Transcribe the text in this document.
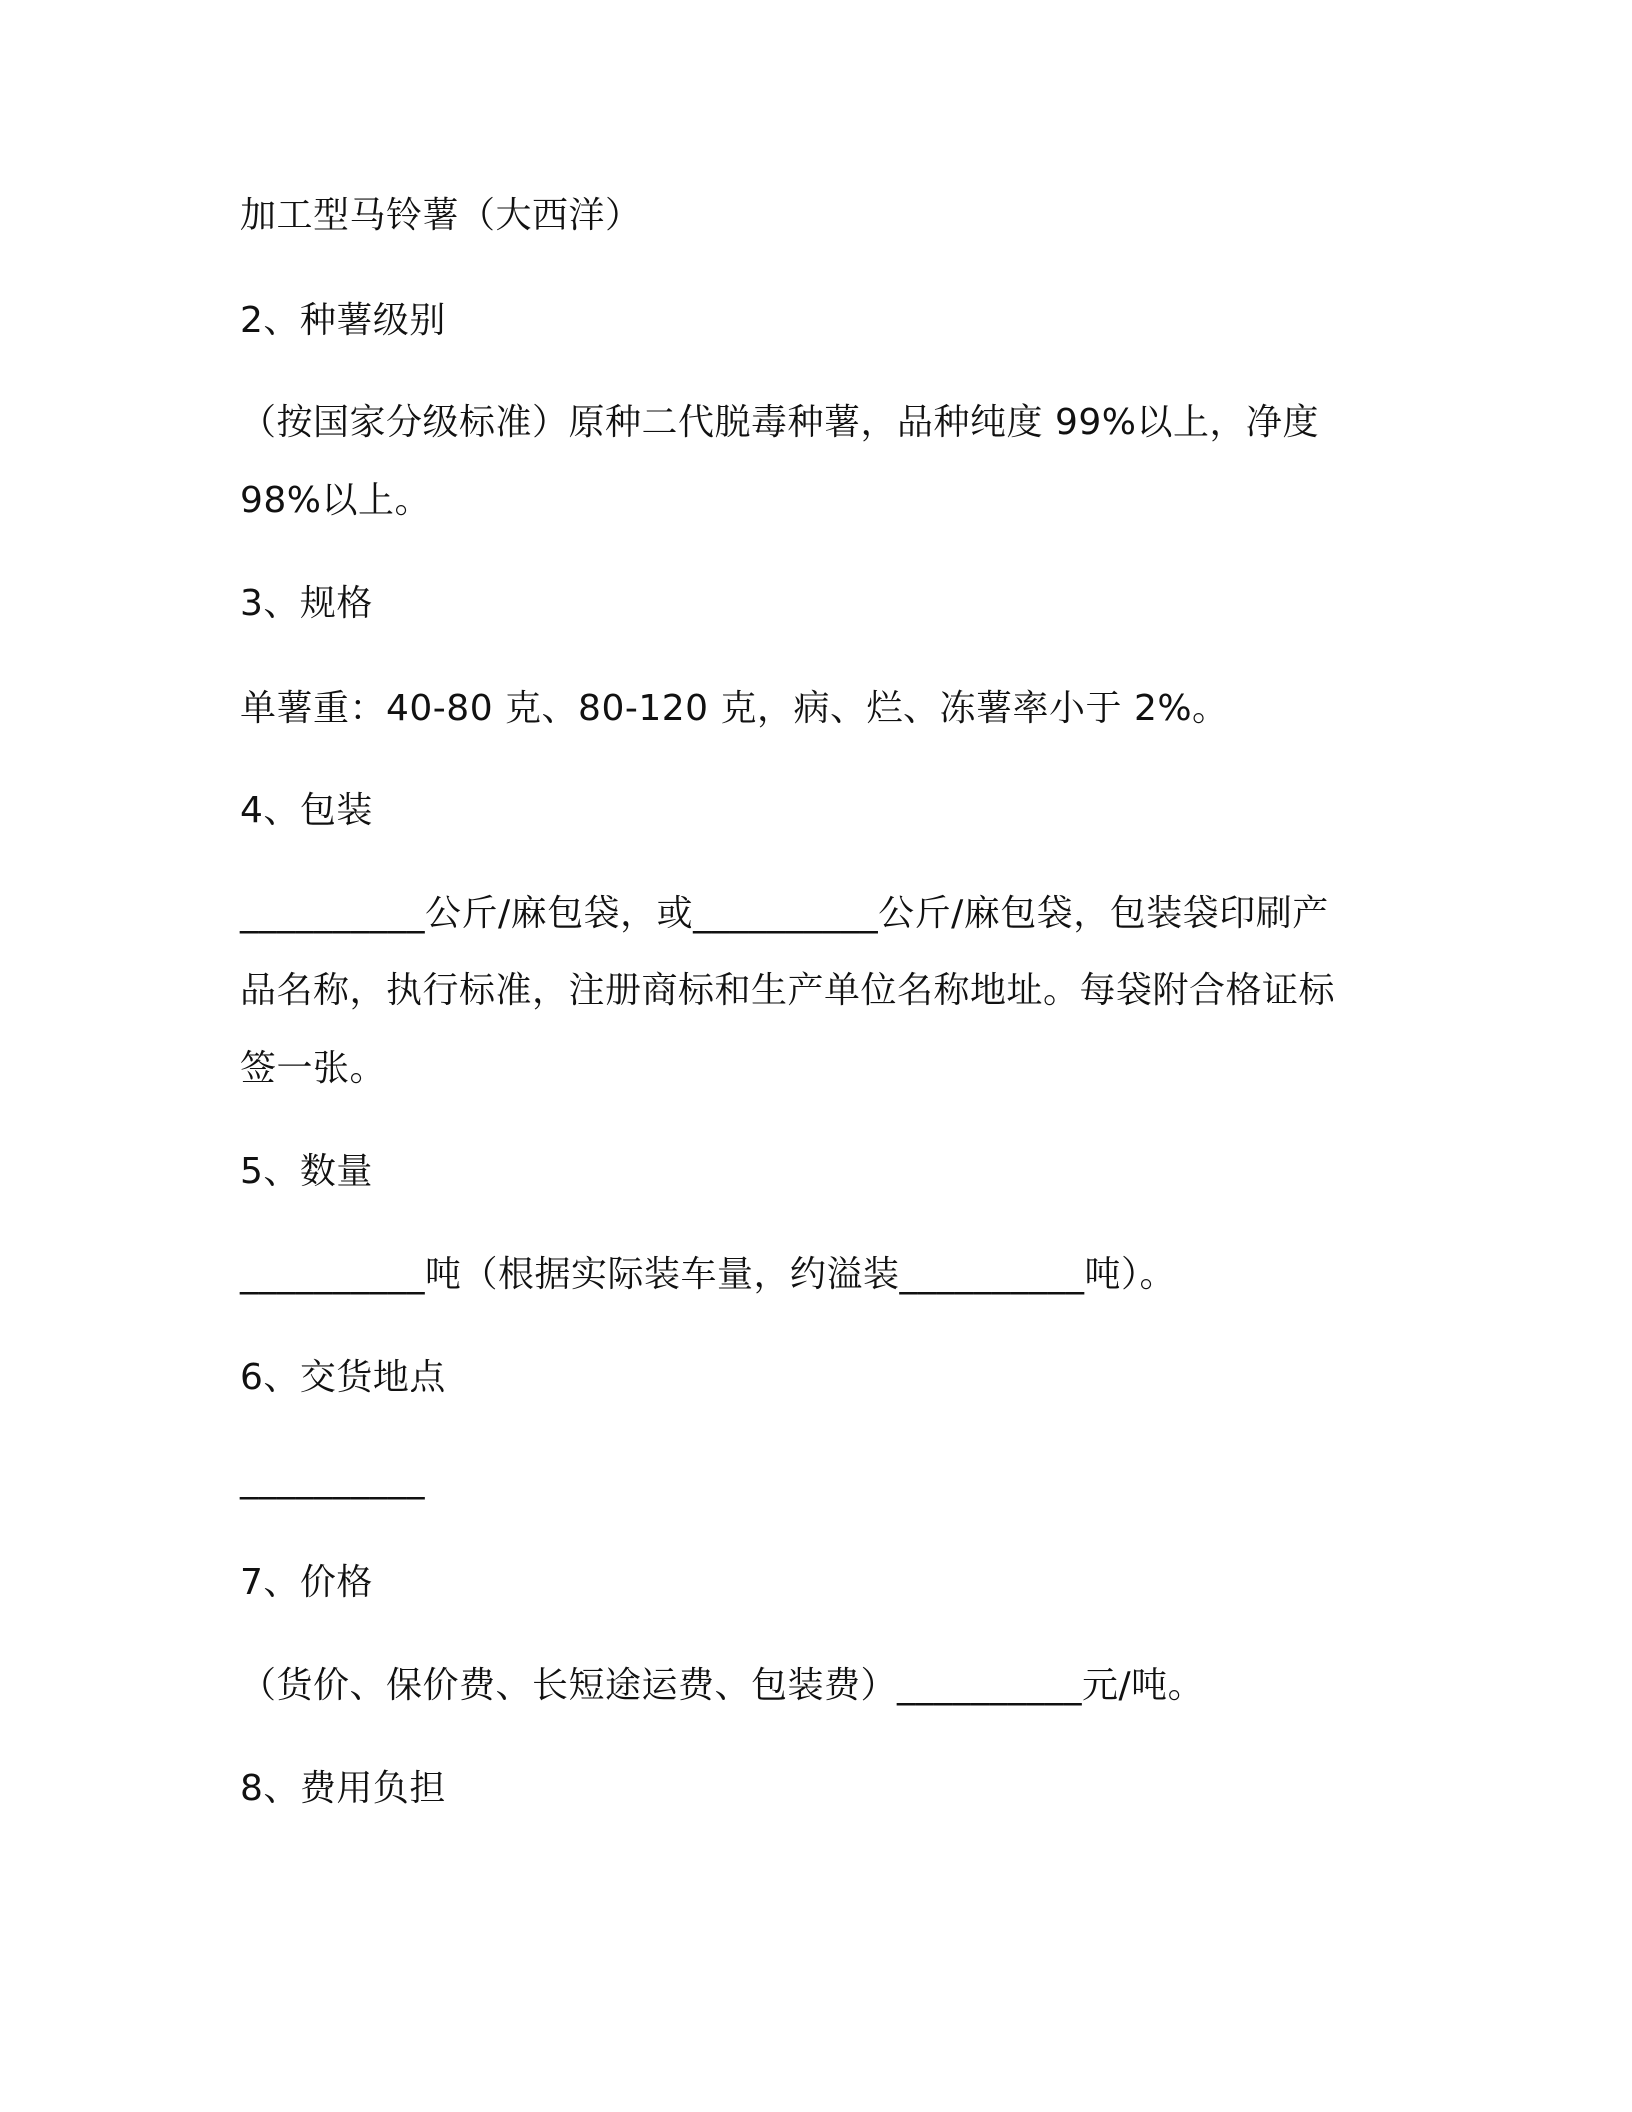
加工型马铃薯（大西洋）
2、种薯级别
（按国家分级标准）原种二代脱毒种薯，品种纯度 99%以上，净度
98%以上。
3、规格
单薯重：40-80 克、80-120 克，病、烂、冻薯率小于 2%。
4、包装
__________公斤/麻包袋，或__________公斤/麻包袋，包装袋印刷产
品名称，执行标准，注册商标和生产单位名称地址。每袋附合格证标
签一张。
5、数量
__________吨（根据实际装车量，约溢装__________吨）。
6、交货地点
__________
7、价格
（货价、保价费、长短途运费、包装费）__________元/吨。
8、费用负担
